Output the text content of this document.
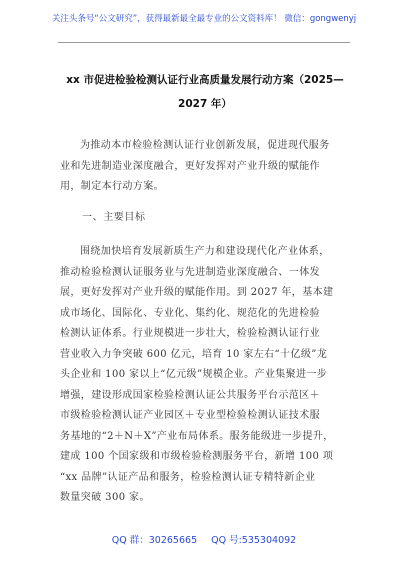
关注头条号“公文研究”，获得最新最全最专业的公文资料库！ 微信：gongwenyj
xx 市促进检验检测认证行业高质量发展行动方案（2025—
2027 年）
为推动本市检验检测认证行业创新发展，促进现代服务
业和先进制造业深度融合，更好发挥对产业升级的赋能作
用，制定本行动方案。
一、主要目标
围绕加快培育发展新质生产力和建设现代化产业体系，
推动检验检测认证服务业与先进制造业深度融合、一体发
展，更好发挥对产业升级的赋能作用。到 2027 年，基本建
成市场化、国际化、专业化、集约化、规范化的先进检验
检测认证体系。行业规模进一步壮大，检验检测认证行业
营业收入力争突破 600 亿元，培育 10 家左右“十亿级”龙
头企业和 100 家以上“亿元级”规模企业。产业集聚进一步
增强，建设形成国家检验检测认证公共服务平台示范区＋
市级检验检测认证产业园区＋专业型检验检测认证技术服
务基地的“2＋N＋X”产业布局体系。服务能级进一步提升，
建成 100 个国家级和市级检验检测服务平台，新增 100 项
“xx 品牌”认证产品和服务，检验检测认证专精特新企业
数量突破 300 家。
QQ 群：30265665 QQ 号:535304092
